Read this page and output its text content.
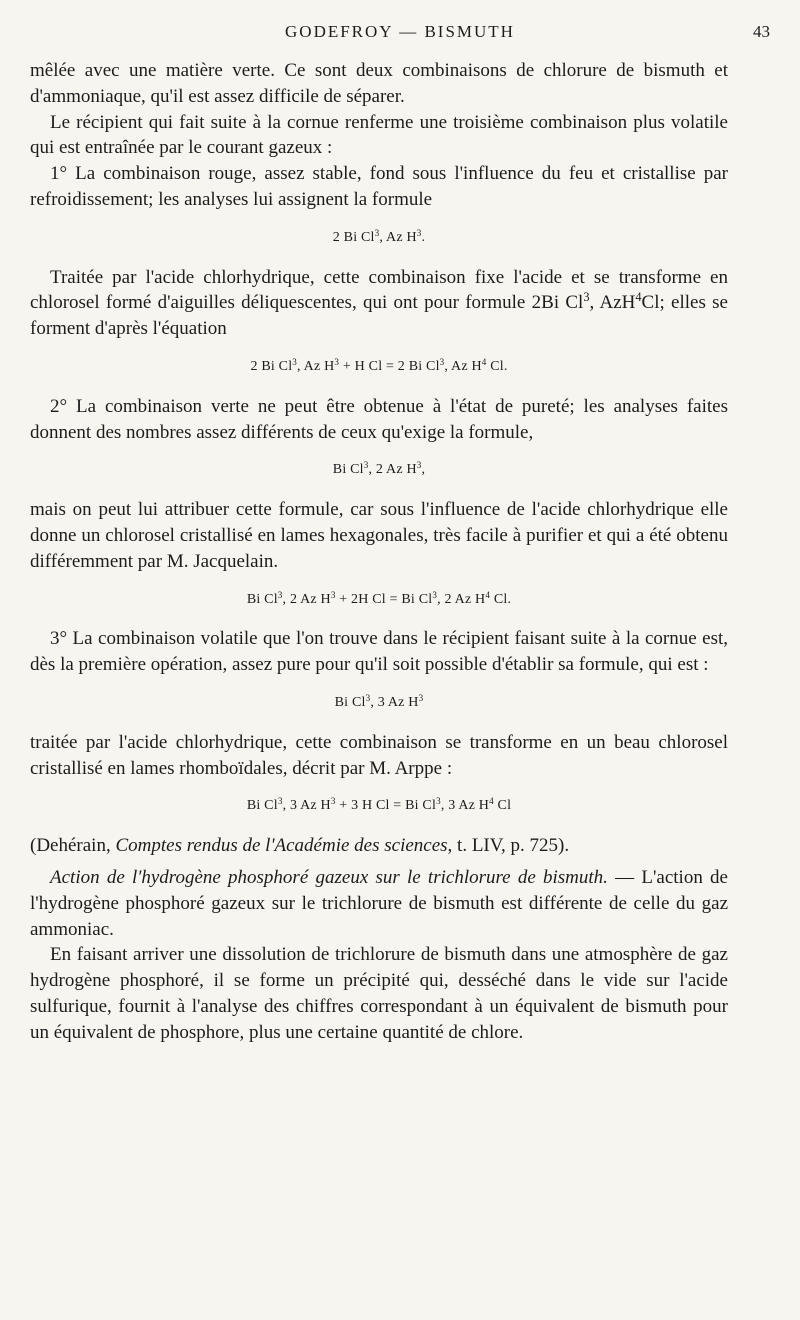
GODEFROY — BISMUTH	43

mêlée avec une matière verte. Ce sont deux combinaisons de chlorure de bismuth et d'ammoniaque, qu'il est assez difficile de séparer.

Le récipient qui fait suite à la cornue renferme une troisième combinaison plus volatile qui est entraînée par le courant gazeux :

1° La combinaison rouge, assez stable, fond sous l'influence du feu et cristallise par refroidissement; les analyses lui assignent la formule

2 Bi Cl$^3$, Az $H^3$.

Traitée par l'acide chlorhydrique, cette combinaison fixe l'acide et se transforme en chlorosel formé d'aiguilles déliquescentes, qui ont pour formule 2Bi Cl$^3$, AzH$^4$Cl; elles se forment d'après l'équation

2 Bi Cl$^3$, Az $H^3 + H$ Cl = 2 Bi Cl$^3$, Az $H^4$ Cl.

2° La combinaison verte ne peut être obtenue à l'état de pureté; les analyses faites donnent des nombres assez différents de ceux qu'exige la formule,

Bi Cl$^3$, 2 Az $H^3$,

mais on peut lui attribuer cette formule, car sous l'influence de l'acide chlorhydrique elle donne un chlorosel cristallisé en lames hexagonales, très facile à purifier et qui a été obtenu différemment par M. Jacquelain.

Bi Cl$^3$, 2 Az $H^3 + 2H$ Cl = Bi Cl$^3$, 2 Az $H^4$ Cl.

3° La combinaison volatile que l'on trouve dans le récipient faisant suite à la cornue est, dès la première opération, assez pure pour qu'il soit possible d'établir sa formule, qui est :

Bi Cl$^3$, 3 Az $H^3$

traitée par l'acide chlorhydrique, cette combinaison se transforme en un beau chlorosel cristallisé en lames rhomboïdales, décrit par M. Arppe :

Bi Cl$^3$, 3 Az $H^3 + 3$ H Cl = Bi Cl$^3$, 3 Az $H^4$ Cl

(Dehérain, Comptes rendus de l'Académie des sciences, t. LIV, p. 725).

Action de l'hydrogène phosphoré gazeux sur le trichlorure de bismuth. — L'action de l'hydrogène phosphoré gazeux sur le trichlorure de bismuth est différente de celle du gaz ammoniac.

En faisant arriver une dissolution de trichlorure de bismuth dans une atmosphère de gaz hydrogène phosphoré, il se forme un précipité qui, desséché dans le vide sur l'acide sulfurique, fournit à l'analyse des chiffres correspondant à un équivalent de bismuth pour un équivalent de phosphore, plus une certaine quantité de chlore.
